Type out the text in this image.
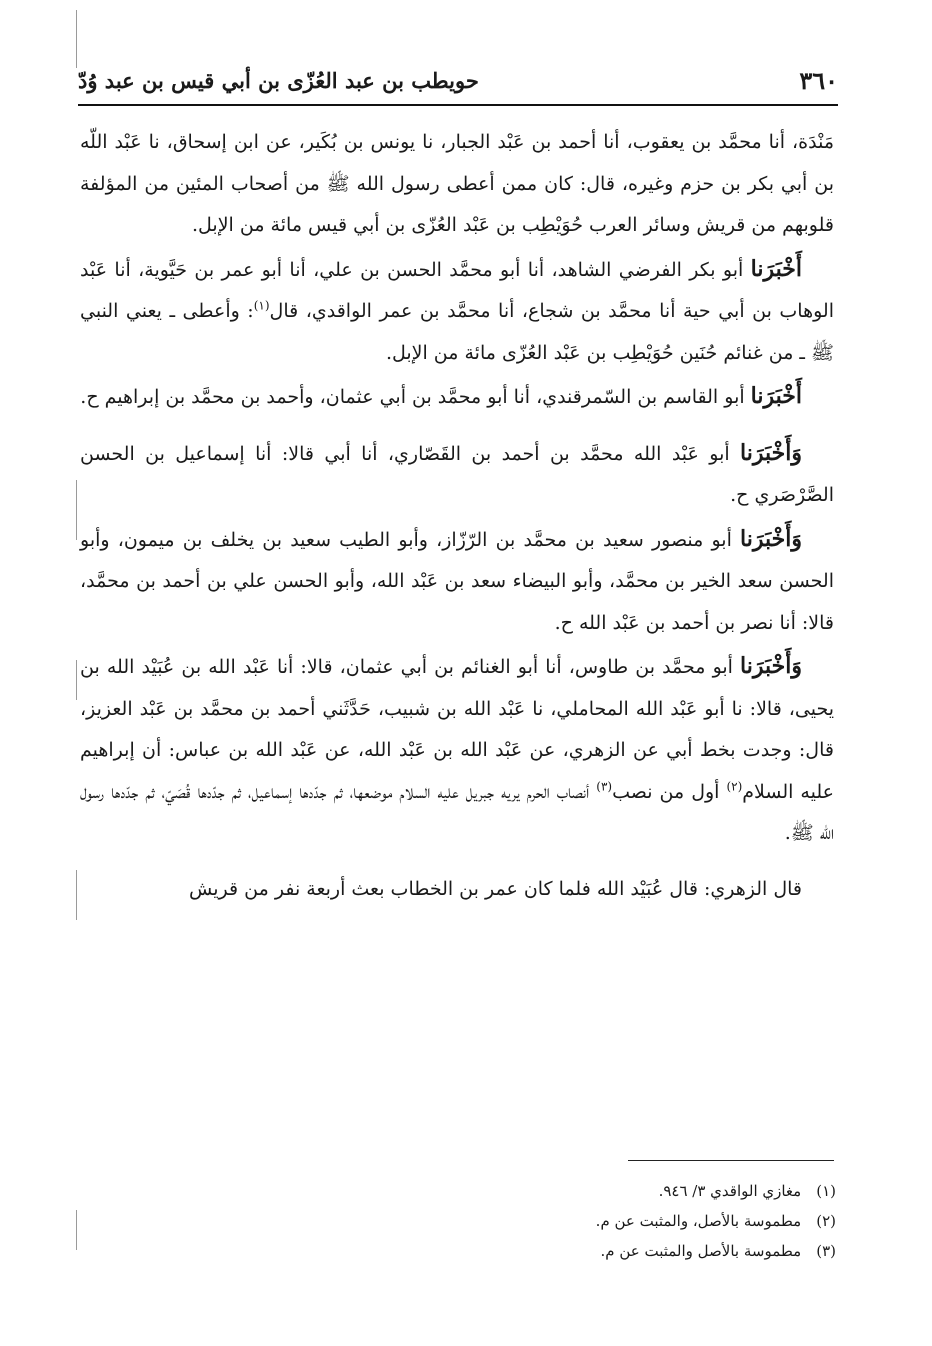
٣٦٠
حويطب بن عبد العُزّى بن أبي قيس بن عبد وُدّ

مَنْدَة، أنا محمَّد بن يعقوب، أنا أحمد بن عَبْد الجبار، نا يونس بن بُكَير، عن ابن إسحاق، نا عَبْد اللّه بن أبي بكر بن حزم وغيره، قال: كان ممن أعطى رسول الله ﷺ من أصحاب المئين من المؤلفة قلوبهم من قريش وسائر العرب حُوَيْطِب بن عَبْد العُزّى بن أبي قيس مائة من الإبل.

أَخْبَرَنا أبو بكر الفرضي الشاهد، أنا أبو محمَّد الحسن بن علي، أنا أبو عمر بن حَيَّوية، أنا عَبْد الوهاب بن أبي حية أنا محمَّد بن شجاع، أنا محمَّد بن عمر الواقدي، قال$^{(١)}$: وأعطى ـ يعني النبي ﷺ ـ من غنائم حُنَين حُوَيْطِب بن عَبْد العُزّى مائة من الإبل.

أَخْبَرَنا أبو القاسم بن السّمرقندي، أنا أبو محمَّد بن أبي عثمان، وأحمد بن محمَّد بن إبراهيم ح.

وَأَخْبَرَنا أبو عَبْد الله محمَّد بن أحمد بن القَصّاري، أنا أبي قالا: أنا إسماعيل بن الحسن الصَّرْصَري ح.

وَأَخْبَرَنا أبو منصور سعيد بن محمَّد بن الرّزّاز، وأبو الطيب سعيد بن يخلف بن ميمون، وأبو الحسن سعد الخير بن محمَّد، وأبو البيضاء سعد بن عَبْد الله، وأبو الحسن علي بن أحمد بن محمَّد، قالا: أنا نصر بن أحمد بن عَبْد الله ح.

وَأَخْبَرَنا أبو محمَّد بن طاوس، أنا أبو الغنائم بن أبي عثمان، قالا: أنا عَبْد الله بن عُبَيْد الله بن يحيى، قالا: نا أبو عَبْد الله المحاملي، نا عَبْد الله بن شبيب، حَدَّثَني أحمد بن محمَّد بن عَبْد العزيز، قال: وجدت بخط أبي عن الزهري، عن عَبْد الله بن عَبْد الله، عن عَبْد الله بن عباس: أن إبراهيم عليه السلام$^{(٢)}$ أول من نصب$^{(٣)}$ أنصاب الحرم يريه جبريل عليه السلام موضعها، ثم جدّدها إسماعيل، ثم جدّدها قُصَيّ، ثم جدّدها رسول الله ﷺ.

قال الزهري: قال عُبَيْد الله فلما كان عمر بن الخطاب بعث أربعة نفر من قريش

(١) مغازي الواقدي ٣/ ٩٤٦.

(٢) مطموسة بالأصل، والمثبت عن م.

(٣) مطموسة بالأصل والمثبت عن م.
